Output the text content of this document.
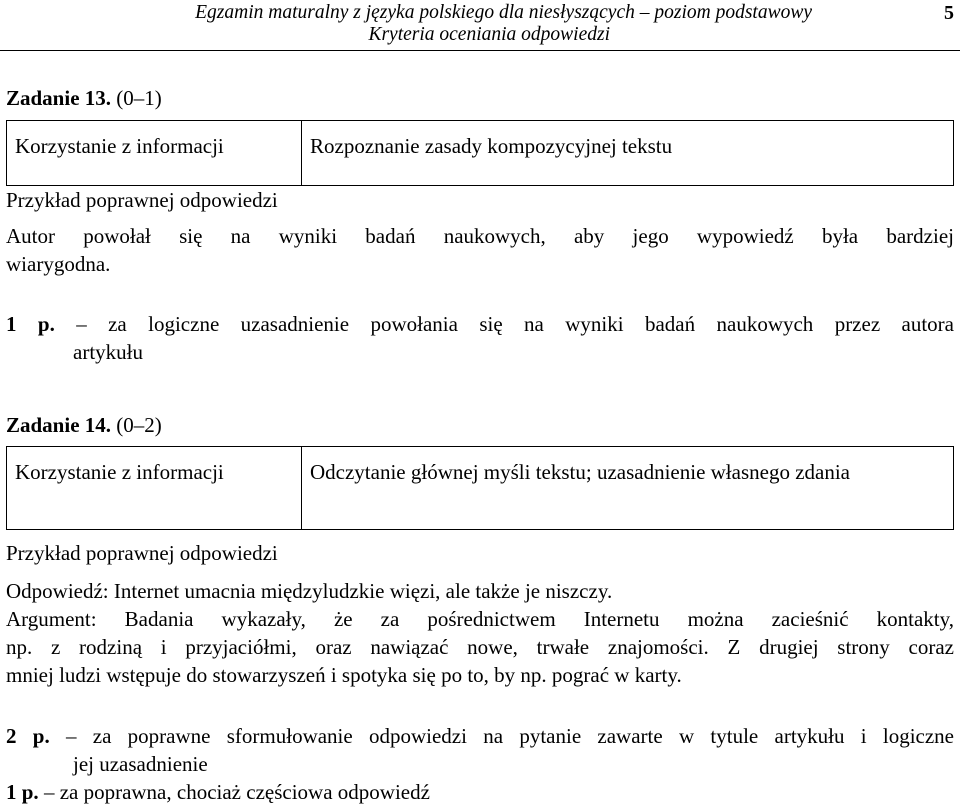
Egzamin maturalny z języka polskiego dla niesłyszących – poziom podstawowy
Kryteria oceniania odpowiedzi
5
Zadanie 13. (0–1)
Korzystanie z informacji	Rozpoznanie zasady kompozycyjnej tekstu
Przykład poprawnej odpowiedzi
Autor powołał się na wyniki badań naukowych, aby jego wypowiedź była bardziej
wiarygodna.
1 p. – za logiczne uzasadnienie powołania się na wyniki badań naukowych przez autora
artykułu
Zadanie 14. (0–2)
Korzystanie z informacji	Odczytanie głównej myśli tekstu; uzasadnienie własnego zdania
Przykład poprawnej odpowiedzi
Odpowiedź: Internet umacnia międzyludzkie więzi, ale także je niszczy.
Argument: Badania wykazały, że za pośrednictwem Internetu można zacieśnić kontakty,
np. z rodziną i przyjaciółmi, oraz nawiązać nowe, trwałe znajomości. Z drugiej strony coraz
mniej ludzi wstępuje do stowarzyszeń i spotyka się po to, by np. pograć w karty.
2 p. – za poprawne sformułowanie odpowiedzi na pytanie zawarte w tytule artykułu i logiczne
jej uzasadnienie
1 p. – za poprawna, chociaż częściowa odpowiedź
